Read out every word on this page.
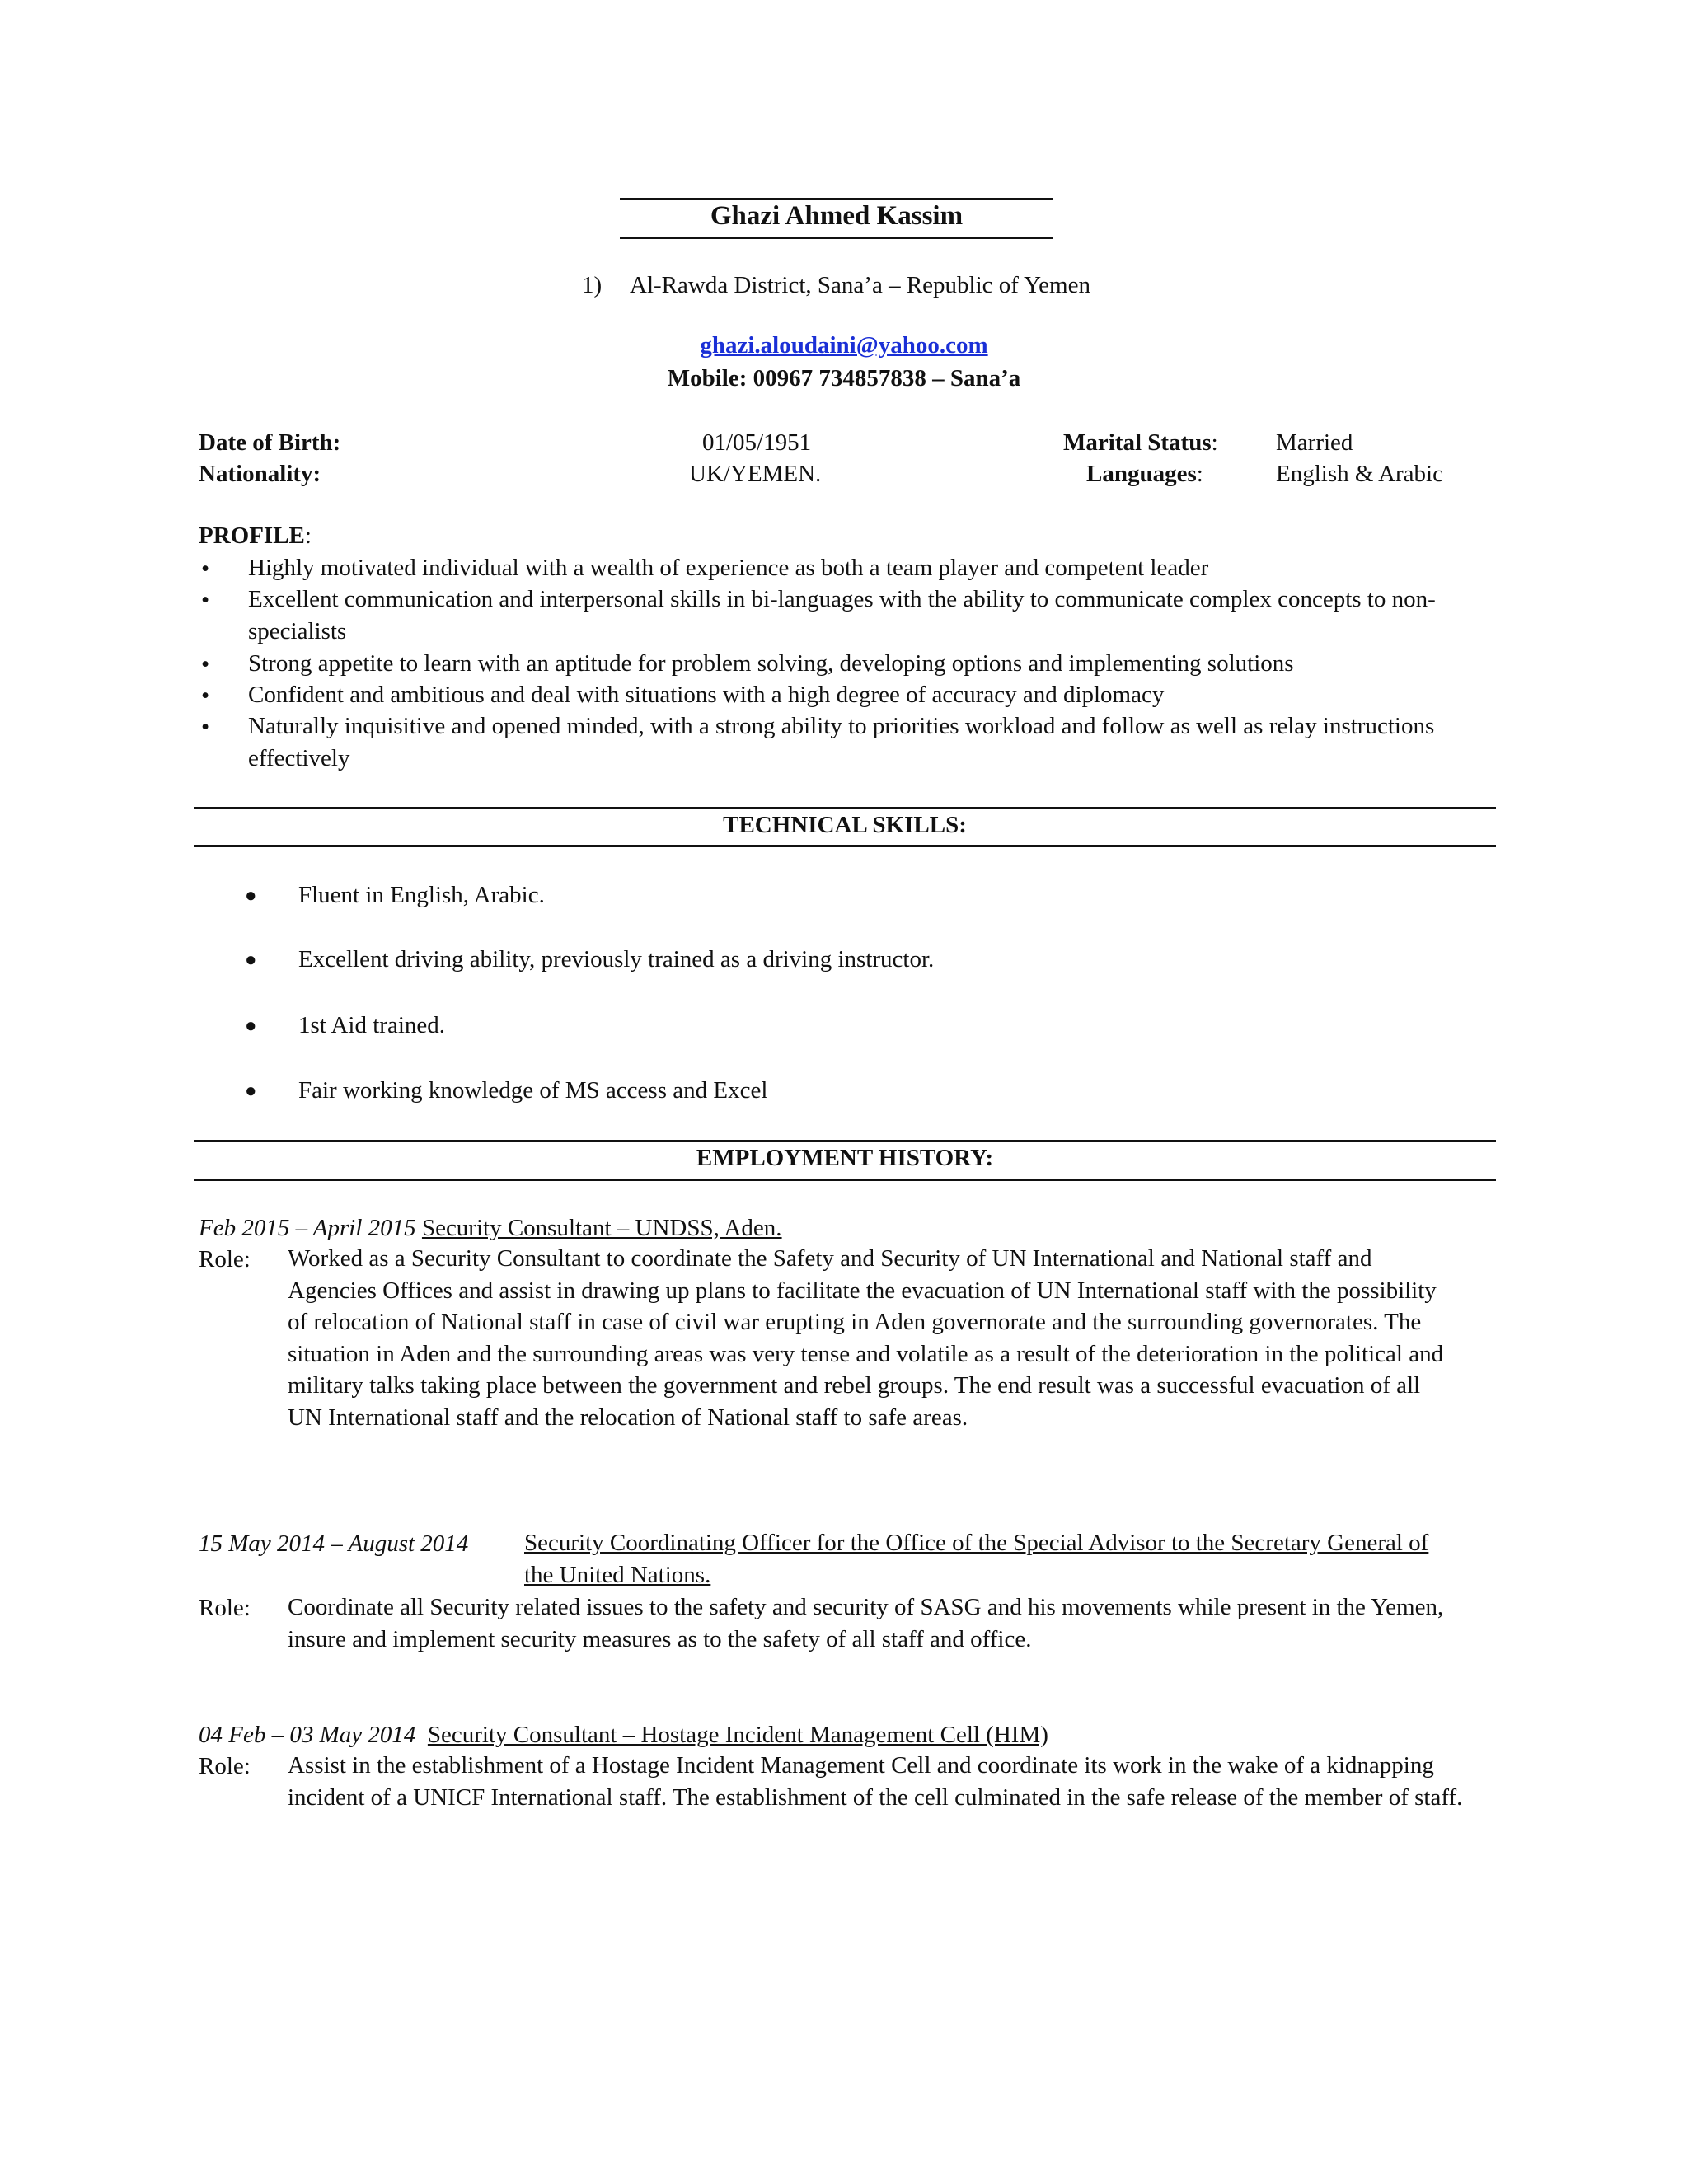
Ghazi Ahmed Kassim
1) Al-Rawda District, Sana’a – Republic of Yemen
ghazi.aloudaini@yahoo.com
Mobile: 00967 734857838 – Sana’a
Date of Birth:	01/05/1951	Marital Status: Married
Nationality:	UK/YEMEN.	Languages:	English & Arabic
PROFILE:
• Highly motivated individual with a wealth of experience as both a team player and competent leader
• Excellent communication and interpersonal skills in bi-languages with the ability to communicate complex concepts to non-specialists
• Strong appetite to learn with an aptitude for problem solving, developing options and implementing solutions
• Confident and ambitious and deal with situations with a high degree of accuracy and diplomacy
• Naturally inquisitive and opened minded, with a strong ability to priorities workload and follow as well as relay instructions effectively
TECHNICAL SKILLS:
● Fluent in English, Arabic.
● Excellent driving ability, previously trained as a driving instructor.
● 1st Aid trained.
● Fair working knowledge of MS access and Excel
EMPLOYMENT HISTORY:
Feb 2015 – April 2015 Security Consultant – UNDSS, Aden.
Role: Worked as a Security Consultant to coordinate the Safety and Security of UN International and National staff and Agencies Offices and assist in drawing up plans to facilitate the evacuation of UN International staff with the possibility of relocation of National staff in case of civil war erupting in Aden governorate and the surrounding governorates. The situation in Aden and the surrounding areas was very tense and volatile as a result of the deterioration in the political and military talks taking place between the government and rebel groups. The end result was a successful evacuation of all UN International staff and the relocation of National staff to safe areas.
15 May 2014 – August 2014 Security Coordinating Officer for the Office of the Special Advisor to the Secretary General of the United Nations.
Role: Coordinate all Security related issues to the safety and security of SASG and his movements while present in the Yemen, insure and implement security measures as to the safety of all staff and office.
04 Feb – 03 May 2014 Security Consultant – Hostage Incident Management Cell (HIM)
Role: Assist in the establishment of a Hostage Incident Management Cell and coordinate its work in the wake of a kidnapping incident of a UNICF International staff. The establishment of the cell culminated in the safe release of the member of staff.
